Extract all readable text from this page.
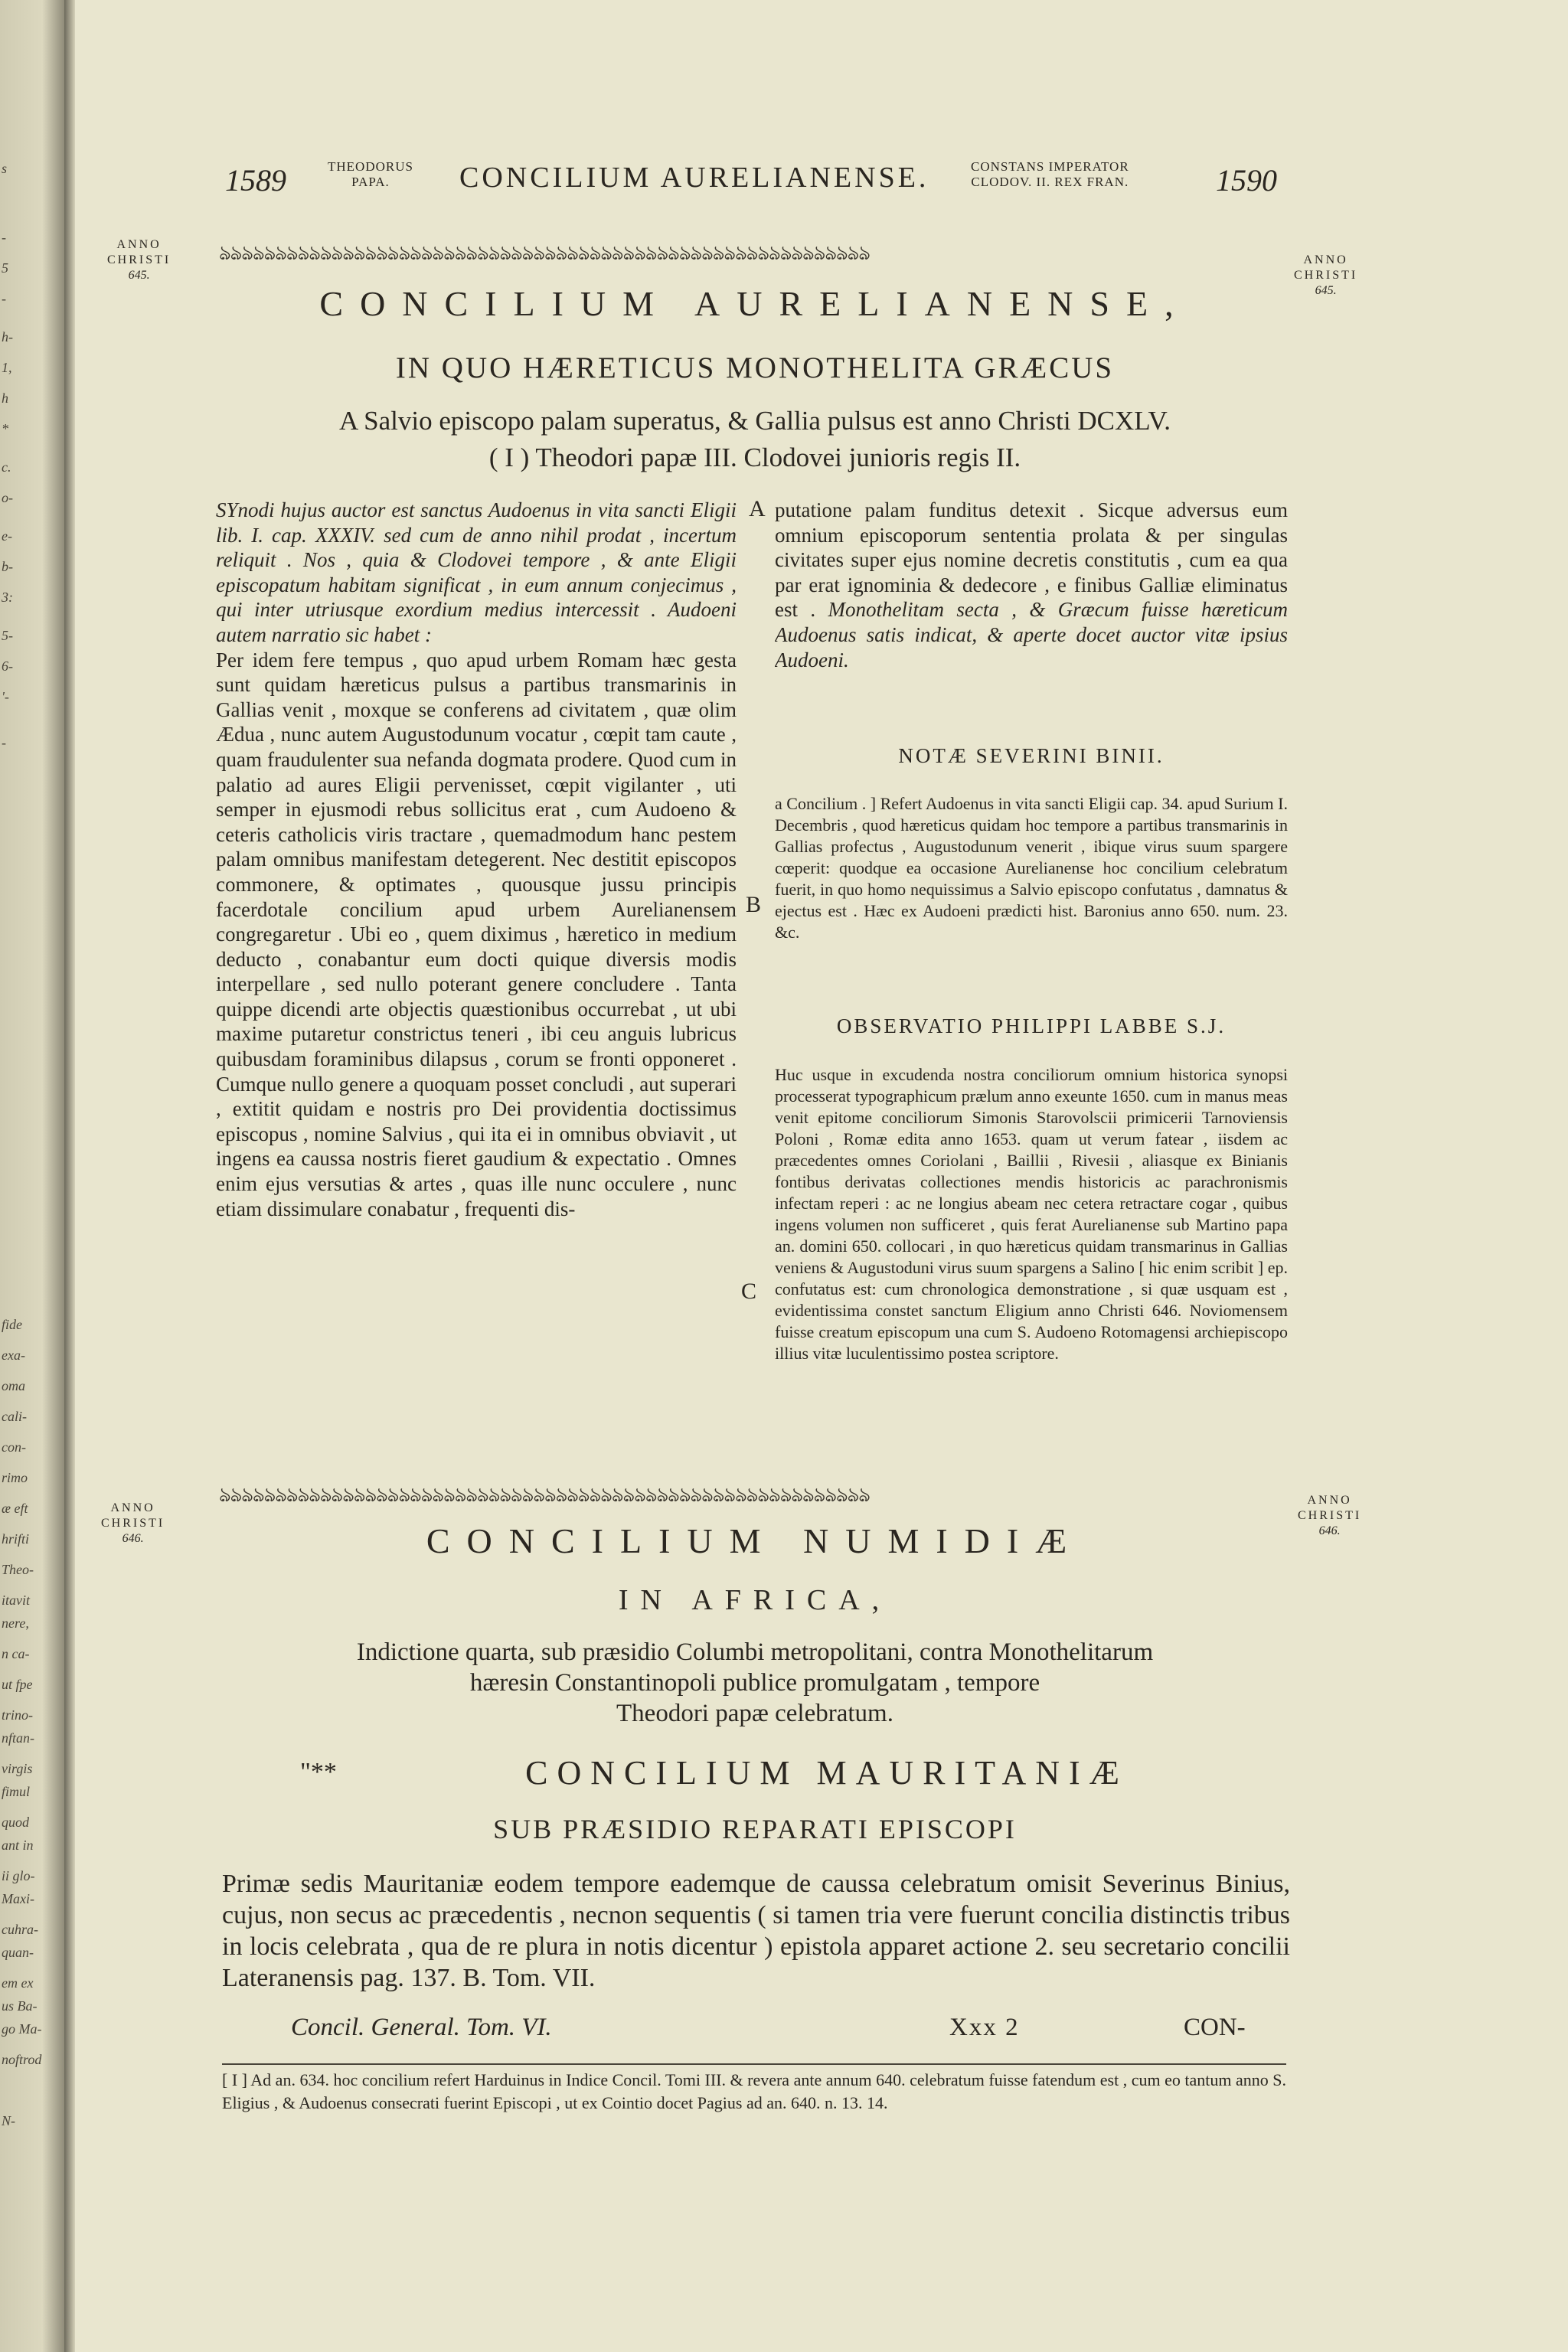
s
-
5
-
h-
1,
h
*
c.
o-
e-
b-
3:
5-
6-
'-
-
fide
exa-
oma
cali-
con-
rimo
æ eft
hrifti
Theo-
itavit
nere,
n ca-
ut fpe
trino-
nftan-
virgis
fimul
quod
ant in
ii glo-
Maxi-
cuhra-
quan-
em ex
us Ba-
go Ma-
noftrod
N-
1589	THEODORUS
PAPA.	CONCILIUM AURELIANENSE.	CONSTANS IMPERATOR
CLODOV. II. REX FRAN.	1590
ANNO
CHRISTI
645.
ঌঌঌঌঌঌঌঌঌঌঌঌঌঌঌঌঌঌঌঌঌঌঌঌঌঌঌঌঌঌঌঌঌঌঌঌঌঌঌঌঌঌঌঌঌঌঌঌঌঌঌঌঌঌঌঌঌঌ	ANNO
CHRISTI
645.
CONCILIUM AURELIANENSE,
IN QUO HÆRETICUS MONOTHELITA GRÆCUS
A Salvio episcopo palam superatus, & Gallia pulsus est anno Christi DCXLV.
( I ) Theodori papæ III. Clodovei junioris regis II.

SYnodi hujus auctor est sanctus Audoenus in vita sancti Eligii lib. I. cap. XXXIV. sed cum de anno nihil prodat , incertum reliquit . Nos , quia & Clodovei tempore , & ante Eligii episcopatum habitam significat , in eum annum conjecimus , qui inter utriusque exordium medius intercessit . Audoeni autem narratio sic habet :

Per idem fere tempus , quo apud urbem Romam hæc gesta sunt quidam hæreticus pulsus a partibus transmarinis in Gallias venit , moxque se conferens ad civitatem , quæ olim Ædua , nunc autem Augustodunum vocatur , cœpit tam caute , quam fraudulenter sua nefanda dogmata prodere. Quod cum in palatio ad aures Eligii pervenisset, cœpit vigilanter , uti semper in ejusmodi rebus sollicitus erat , cum Audoeno & ceteris catholicis viris tractare , quemadmodum hanc pestem palam omnibus manifestam detegerent. Nec destitit episcopos commonere, & optimates , quousque jussu principis facerdotale concilium apud urbem Aurelianensem congregaretur . Ubi eo , quem diximus , hæretico in medium deducto , conabantur eum docti quique diversis modis interpellare , sed nullo poterant genere concludere . Tanta quippe dicendi arte objectis quæstionibus occurrebat , ut ubi maxime putaretur constrictus teneri , ibi ceu anguis lubricus quibusdam foraminibus dilapsus , corum se fronti opponeret . Cumque nullo genere a quoquam posset concludi , aut superari , extitit quidam e nostris pro Dei providentia doctissimus episcopus , nomine Salvius , qui ita ei in omnibus obviavit , ut ingens ea caussa nostris fieret gaudium & expectatio . Omnes enim ejus versutias & artes , quas ille nunc occulere , nunc etiam dissimulare conabatur , frequenti dis-

A
B
C
putatione palam funditus detexit . Sicque adversus eum omnium episcoporum sententia prolata & per singulas civitates super ejus nomine decretis constitutis , cum ea qua par erat ignominia & dedecore , e finibus Galliæ eliminatus est . Monothelitam secta , & Græcum fuisse hæreticum Audoenus satis indicat, & aperte docet auctor vitæ ipsius Audoeni.
NOTÆ SEVERINI BINII.
a Concilium . ] Refert Audoenus in vita sancti Eligii cap. 34. apud Surium I. Decembris , quod hæreticus quidam hoc tempore a partibus transmarinis in Gallias profectus , Augustodunum venerit , ibique virus suum spargere cœperit: quodque ea occasione Aurelianense hoc concilium celebratum fuerit, in quo homo nequissimus a Salvio episcopo confutatus , damnatus & ejectus est . Hæc ex Audoeni prædicti hist. Baronius anno 650. num. 23. &c.
OBSERVATIO PHILIPPI LABBE S.J.
Huc usque in excudenda nostra conciliorum omnium historica synopsi processerat typographicum prælum anno exeunte 1650. cum in manus meas venit epitome conciliorum Simonis Starovolscii primicerii Tarnoviensis Poloni , Romæ edita anno 1653. quam ut verum fatear , iisdem ac præcedentes omnes Coriolani , Baillii , Rivesii , aliasque ex Binianis fontibus derivatas collectiones mendis historicis ac parachronismis infectam reperi : ac ne longius abeam nec cetera retractare cogar , quibus ingens volumen non sufficeret , quis ferat Aurelianense sub Martino papa an. domini 650. collocari , in quo hæreticus quidam transmarinus in Gallias veniens & Augustoduni virus suum spargens a Salino [ hic enim scribit ] ep. confutatus est: cum chronologica demonstratione , si quæ usquam est , evidentissima constet sanctum Eligium anno Christi 646. Noviomensem fuisse creatum episcopum una cum S. Audoeno Rotomagensi archiepiscopo illius vitæ luculentissimo postea scriptore.
ANNO
CHRISTI
646.
ঌঌঌঌঌঌঌঌঌঌঌঌঌঌঌঌঌঌঌঌঌঌঌঌঌঌঌঌঌঌঌঌঌঌঌঌঌঌঌঌঌঌঌঌঌঌঌঌঌঌঌঌঌঌঌঌঌঌ	ANNO
CHRISTI
646.
CONCILIUM NUMIDIÆ
IN AFRICA,
Indictione quarta, sub præsidio Columbi metropolitani, contra Monothelitarum
hæresin Constantinopoli publice promulgatam , tempore
Theodori papæ celebratum.
"**	CONCILIUM MAURITANIÆ
SUB PRÆSIDIO REPARATI EPISCOPI
Primæ sedis Mauritaniæ eodem tempore eademque de caussa celebratum omisit Severinus Binius, cujus, non secus ac præcedentis , necnon sequentis ( si tamen tria vere fuerunt concilia distinctis tribus in locis celebrata , qua de re plura in notis dicentur ) epistola apparet actione 2. seu secretario concilii Lateranensis pag. 137. B. Tom. VII.
Concil. General. Tom. VI.	Xxx 2	CON-
[ I ] Ad an. 634. hoc concilium refert Harduinus in Indice Concil. Tomi III. & revera ante annum 640. celebratum fuisse fatendum est , cum eo tantum anno S. Eligius , & Audoenus consecrati fuerint Episcopi , ut ex Cointio docet Pagius ad an. 640. n. 13. 14.
